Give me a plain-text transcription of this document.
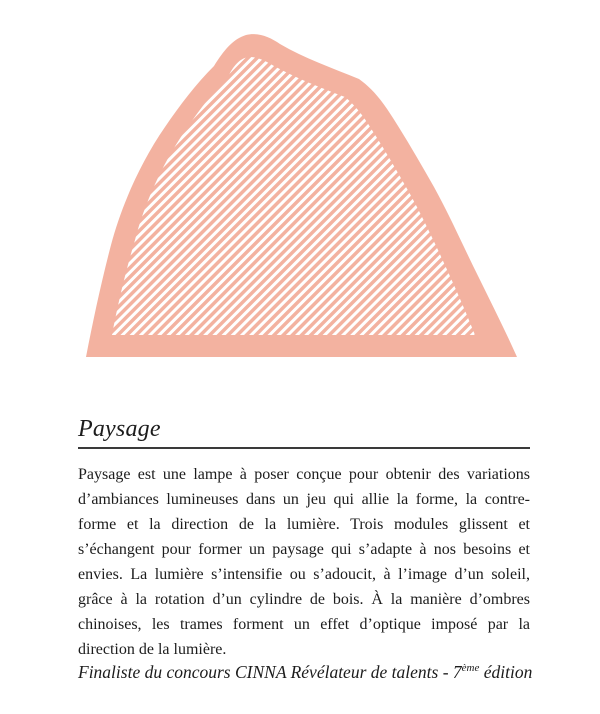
Paysage
Paysage est une lampe à poser conçue pour obtenir des variations
d’ambiances lumineuses dans un jeu qui allie la forme, la contre-
forme et la direction de la lumière. Trois modules glissent et
s’échangent pour former un paysage qui s’adapte à nos besoins et
envies. La lumière s’intensifie ou s’adoucit, à l’image d’un soleil,
grâce à la rotation d’un cylindre de bois. À la manière d’ombres
chinoises, les trames forment un effet d’optique imposé par la
direction de la lumière.
Finaliste du concours CINNA Révélateur de talents - 7ème édition
